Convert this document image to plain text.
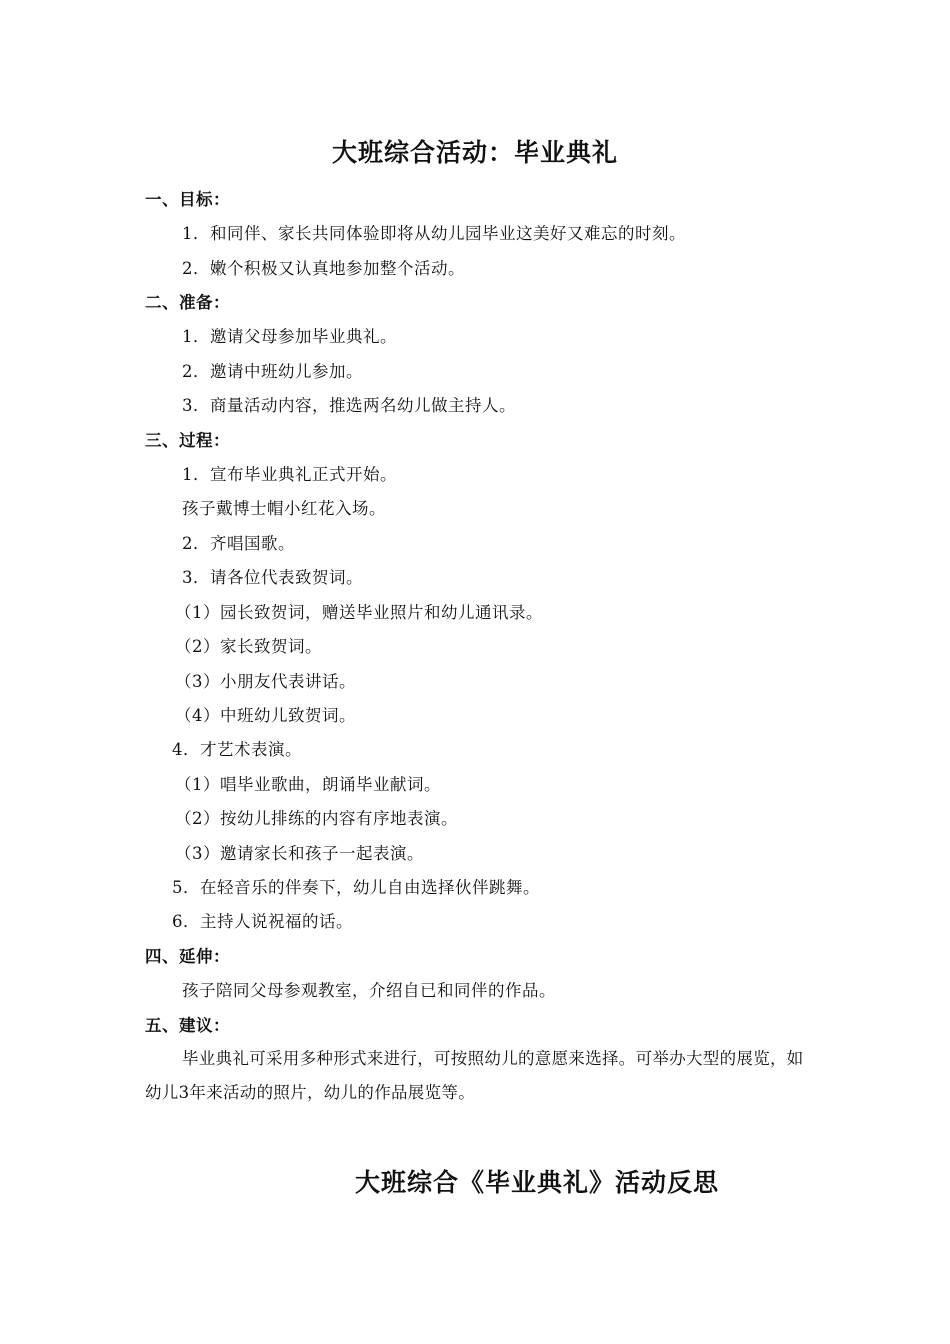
大班综合活动：毕业典礼
一、目标：
1．和同伴、家长共同体验即将从幼儿园毕业这美好又难忘的时刻。
2．嫩个积极又认真地参加整个活动。
二、准备：
1．邀请父母参加毕业典礼。
2．邀请中班幼儿参加。
3．商量活动内容，推选两名幼儿做主持人。
三、过程：
1．宣布毕业典礼正式开始。
孩子戴博士帽小红花入场。
2．齐唱国歌。
3．请各位代表致贺词。
（1）园长致贺词，赠送毕业照片和幼儿通讯录。
（2）家长致贺词。
（3）小朋友代表讲话。
（4）中班幼儿致贺词。
4．才艺术表演。
（1）唱毕业歌曲，朗诵毕业献词。
（2）按幼儿排练的内容有序地表演。
（3）邀请家长和孩子一起表演。
5．在轻音乐的伴奏下，幼儿自由选择伙伴跳舞。
6．主持人说祝福的话。
四、延伸：
孩子陪同父母参观教室，介绍自已和同伴的作品。
五、建议：
毕业典礼可采用多种形式来进行，可按照幼儿的意愿来选择。可举办大型的展览，如幼儿3年来活动的照片，幼儿的作品展览等。
大班综合《毕业典礼》活动反思
